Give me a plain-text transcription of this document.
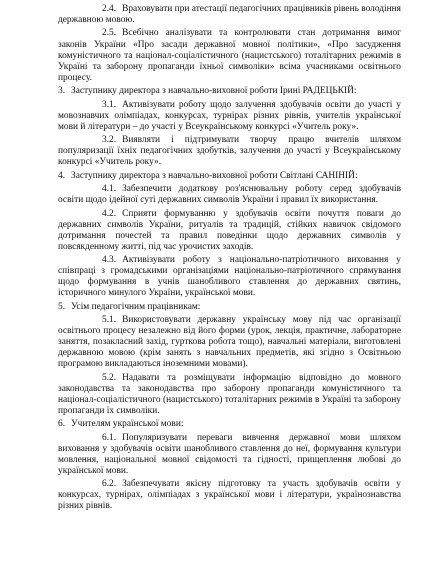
2.4. Враховувати при атестації педагогічних працівників рівень володіння державною мовою.

2.5. Всебічно аналізувати та контролювати стан дотримання вимог законів України «Про засади державної мовної політики», «Про засудження комуністичного та націонал-соціалістичного (нацистського) тоталітарних режимів в Україні та заборону пропаганди їхньої символіки» всіма учасниками освітнього процесу.

3. Заступнику директора з навчально-виховної роботи Ірині РАДЕЦЬКІЙ:

3.1. Активізувати роботу щодо залучення здобувачів освіти до участі у мовознавчих олімпіадах, конкурсах, турнірах різних рівнів, учителів української мови й літератури – до участі у Всеукраїнському конкурсі «Учитель року».

3.2. Виявляти і підтримувати творчу працю вчителів шляхом популяризації їхніх педагогічних здобутків, залучення до участі у Всеукраїнському конкурсі «Учитель року».

4. Заступнику директора з навчально-виховної роботи Світлані САНІНІЙ:

4.1. Забезпечити додаткову роз'яснювальну роботу серед здобувачів освіти щодо ідейної суті державних символів України і правил їх використання.

4.2. Сприяти формуванню у здобувачів освіти почуття поваги до державних символів України, ритуалів та традицій, стійких навичок свідомого дотримання почестей та правил поведінки щодо державних символів у повсякденному житті, під час урочистих заходів.

4.3. Активізувати роботу з національно-патріотичного виховання у співпраці з громадськими організаціями національно-патріотичного спрямування щодо формування в учнів шанобливого ставлення до державних святинь, історичного минулого України, української мови.

5. Усім педагогічним працівникам:

5.1. Використовувати державну українську мову під час організації освітнього процесу незалежно від його форми (урок, лекція, практичне, лабораторне заняття, позакласний захід, гурткова робота тощо), навчальні матеріали, виготовлені державною мовою (крім занять з навчальних предметів, які згідно з Освітньою програмою викладаються іноземними мовами).

5.2. Надавати та розміщувати інформацію відповідно до мовного законодавства та законодавства про заборону пропаганди комуністичного та націонал-соціалістичного (нацистського) тоталітарних режимів в Україні та заборону пропаганди їх символіки.

6. Учителям української мови:

6.1. Популяризувати переваги вивчення державної мови шляхом виховання у здобувачів освіти шанобливого ставлення до неї, формування культури мовлення, національної мовної свідомості та гідності, прищеплення любові до української мови.

6.2. Забезпечувати якісну підготовку та участь здобувачів освіти у конкурсах, турнірах, олімпіадах з української мови і літератури, українознавства різних рівнів.
